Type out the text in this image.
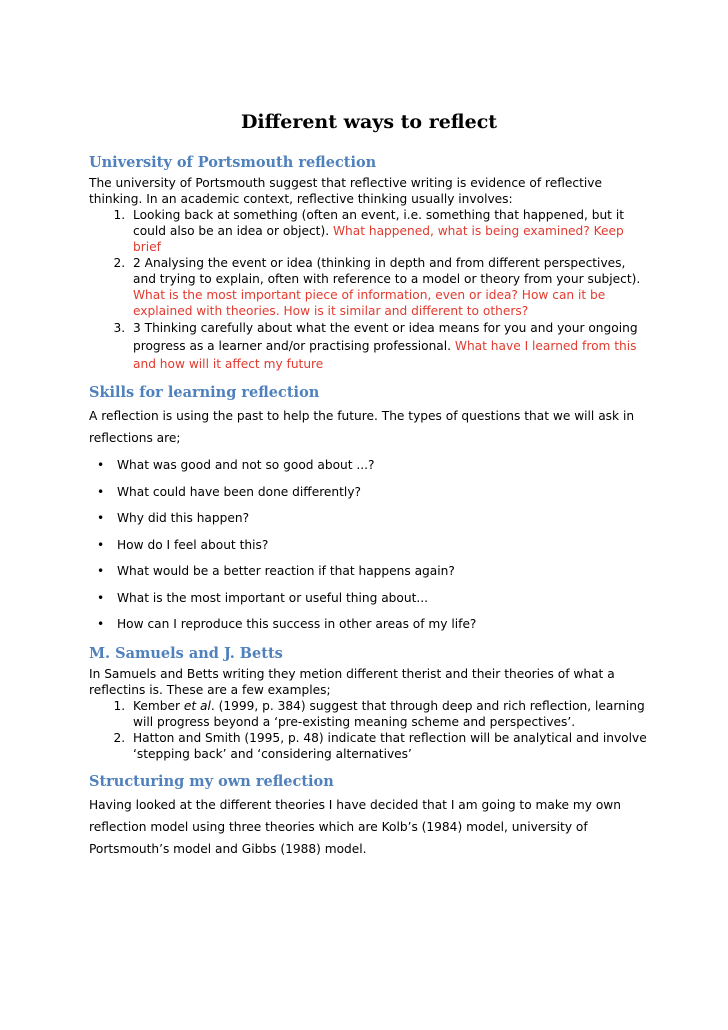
Different ways to reflect
University of Portsmouth reflection

The university of Portsmouth suggest that reflective writing is evidence of reflective thinking. In an academic context, reflective thinking usually involves:

1. Looking back at something (often an event, i.e. something that happened, but it could also be an idea or object). What happened, what is being examined? Keep brief
2. 2 Analysing the event or idea (thinking in depth and from different perspectives, and trying to explain, often with reference to a model or theory from your subject). What is the most important piece of information, even or idea? How can it be explained with theories. How is it similar and different to others?
3. 3 Thinking carefully about what the event or idea means for you and your ongoing progress as a learner and/or practising professional. What have I learned from this and how will it affect my future
Skills for learning reflection

A reflection is using the past to help the future. The types of questions that we will ask in reflections are;

• What was good and not so good about ...?
• What could have been done differently?
• Why did this happen?
• How do I feel about this?
• What would be a better reaction if that happens again?
• What is the most important or useful thing about...
• How can I reproduce this success in other areas of my life?
M. Samuels and J. Betts

In Samuels and Betts writing they metion different therist and their theories of what a reflectins is. These are a few examples;

1. Kember et al. (1999, p. 384) suggest that through deep and rich reflection, learning will progress beyond a ‘pre-existing meaning scheme and perspectives’.
2. Hatton and Smith (1995, p. 48) indicate that reflection will be analytical and involve ‘stepping back’ and ‘considering alternatives’
Structuring my own reflection

Having looked at the different theories I have decided that I am going to make my own reflection model using three theories which are Kolb’s (1984) model, university of Portsmouth’s model and Gibbs (1988) model.
